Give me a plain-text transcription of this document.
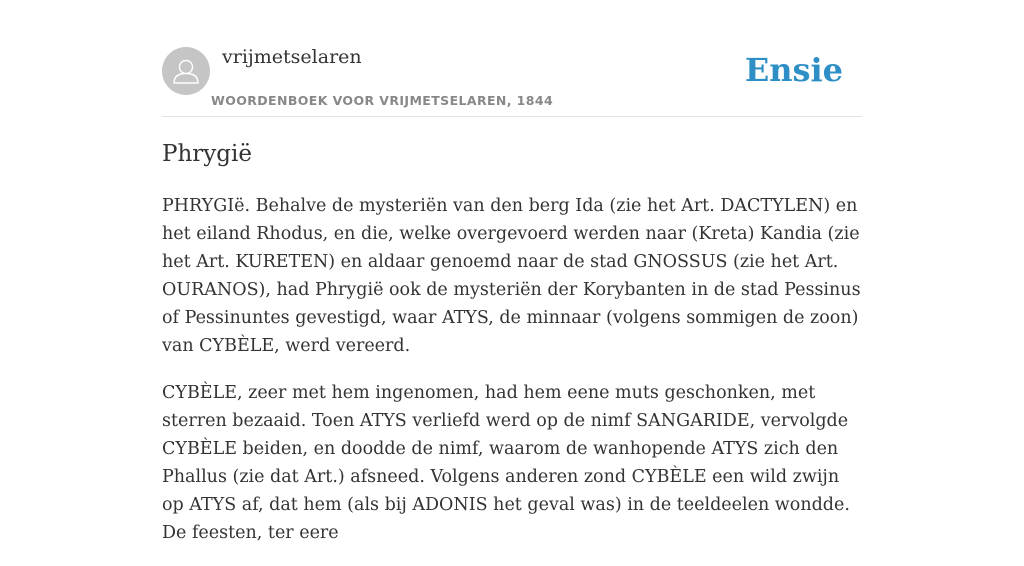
vrijmetselaren
WOORDENBOEK VOOR VRIJMETSELAREN, 1844
Ensie
Phrygië

PHRYGIë. Behalve de mysteriën van den berg Ida (zie het Art. DACTYLEN) en het eiland Rhodus, en die, welke overgevoerd werden naar (Kreta) Kandia (zie het Art. KURETEN) en aldaar genoemd naar de stad GNOSSUS (zie het Art. OURANOS), had Phrygië ook de mysteriën der Korybanten in de stad Pessinus of Pessinuntes gevestigd, waar ATYS, de minnaar (volgens sommigen de zoon) van CYBÈLE, werd vereerd.

CYBÈLE, zeer met hem ingenomen, had hem eene muts geschonken, met sterren bezaaid. Toen ATYS verliefd werd op de nimf SANGARIDE, vervolgde CYBÈLE beiden, en doodde de nimf, waarom de wanhopende ATYS zich den Phallus (zie dat Art.) afsneed. Volgens anderen zond CYBÈLE een wild zwijn op ATYS af, dat hem (als bij ADONIS het geval was) in de teeldeelen wondde. De feesten, ter eere
